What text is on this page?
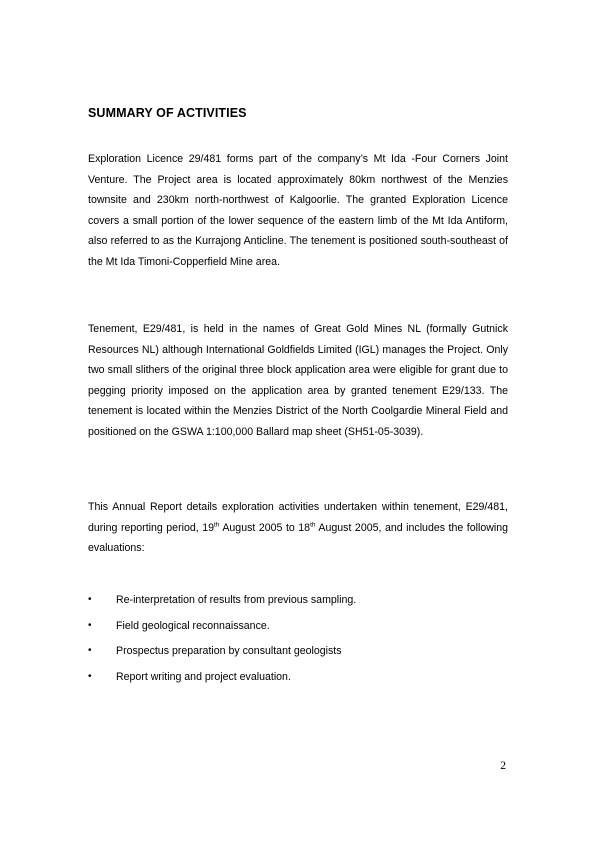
SUMMARY OF ACTIVITIES

Exploration Licence 29/481 forms part of the company’s Mt Ida -Four Corners Joint Venture. The Project area is located approximately 80km northwest of the Menzies townsite and 230km north-northwest of Kalgoorlie. The granted Exploration Licence covers a small portion of the lower sequence of the eastern limb of the Mt Ida Antiform, also referred to as the Kurrajong Anticline. The tenement is positioned south-southeast of the Mt Ida Timoni-Copperfield Mine area.

Tenement, E29/481, is held in the names of Great Gold Mines NL (formally Gutnick Resources NL) although International Goldfields Limited (IGL) manages the Project. Only two small slithers of the original three block application area were eligible for grant due to pegging priority imposed on the application area by granted tenement E29/133. The tenement is located within the Menzies District of the North Coolgardie Mineral Field and positioned on the GSWA 1:100,000 Ballard map sheet (SH51-05-3039).

This Annual Report details exploration activities undertaken within tenement, E29/481, during reporting period, 19th August 2005 to 18th August 2005, and includes the following evaluations:

•	Re-interpretation of results from previous sampling.
•	Field geological reconnaissance.
•	Prospectus preparation by consultant geologists
•	Report writing and project evaluation.
2
